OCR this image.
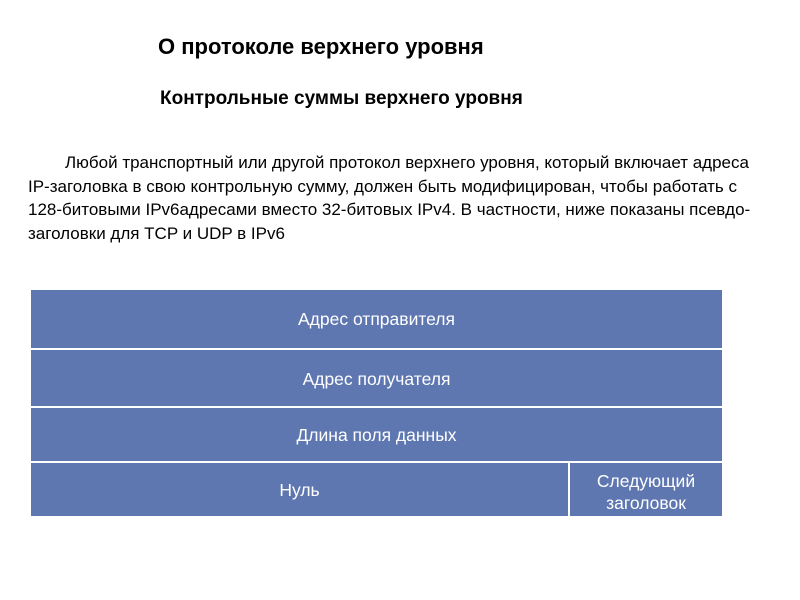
О протоколе верхнего уровня
Контрольные суммы верхнего уровня

Любой транспортный или другой протокол верхнего уровня, который включает адреса IP-заголовка в свою контрольную сумму, должен быть модифицирован, чтобы работать с 128-битовыми IPv6адресами вместо 32-битовых IPv4. В частности, ниже показаны псевдо-заголовки для TCP и UDP в IPv6

Адрес отправителя
Адрес получателя
Длина поля данных
Нуль	Следующий
заголовок
